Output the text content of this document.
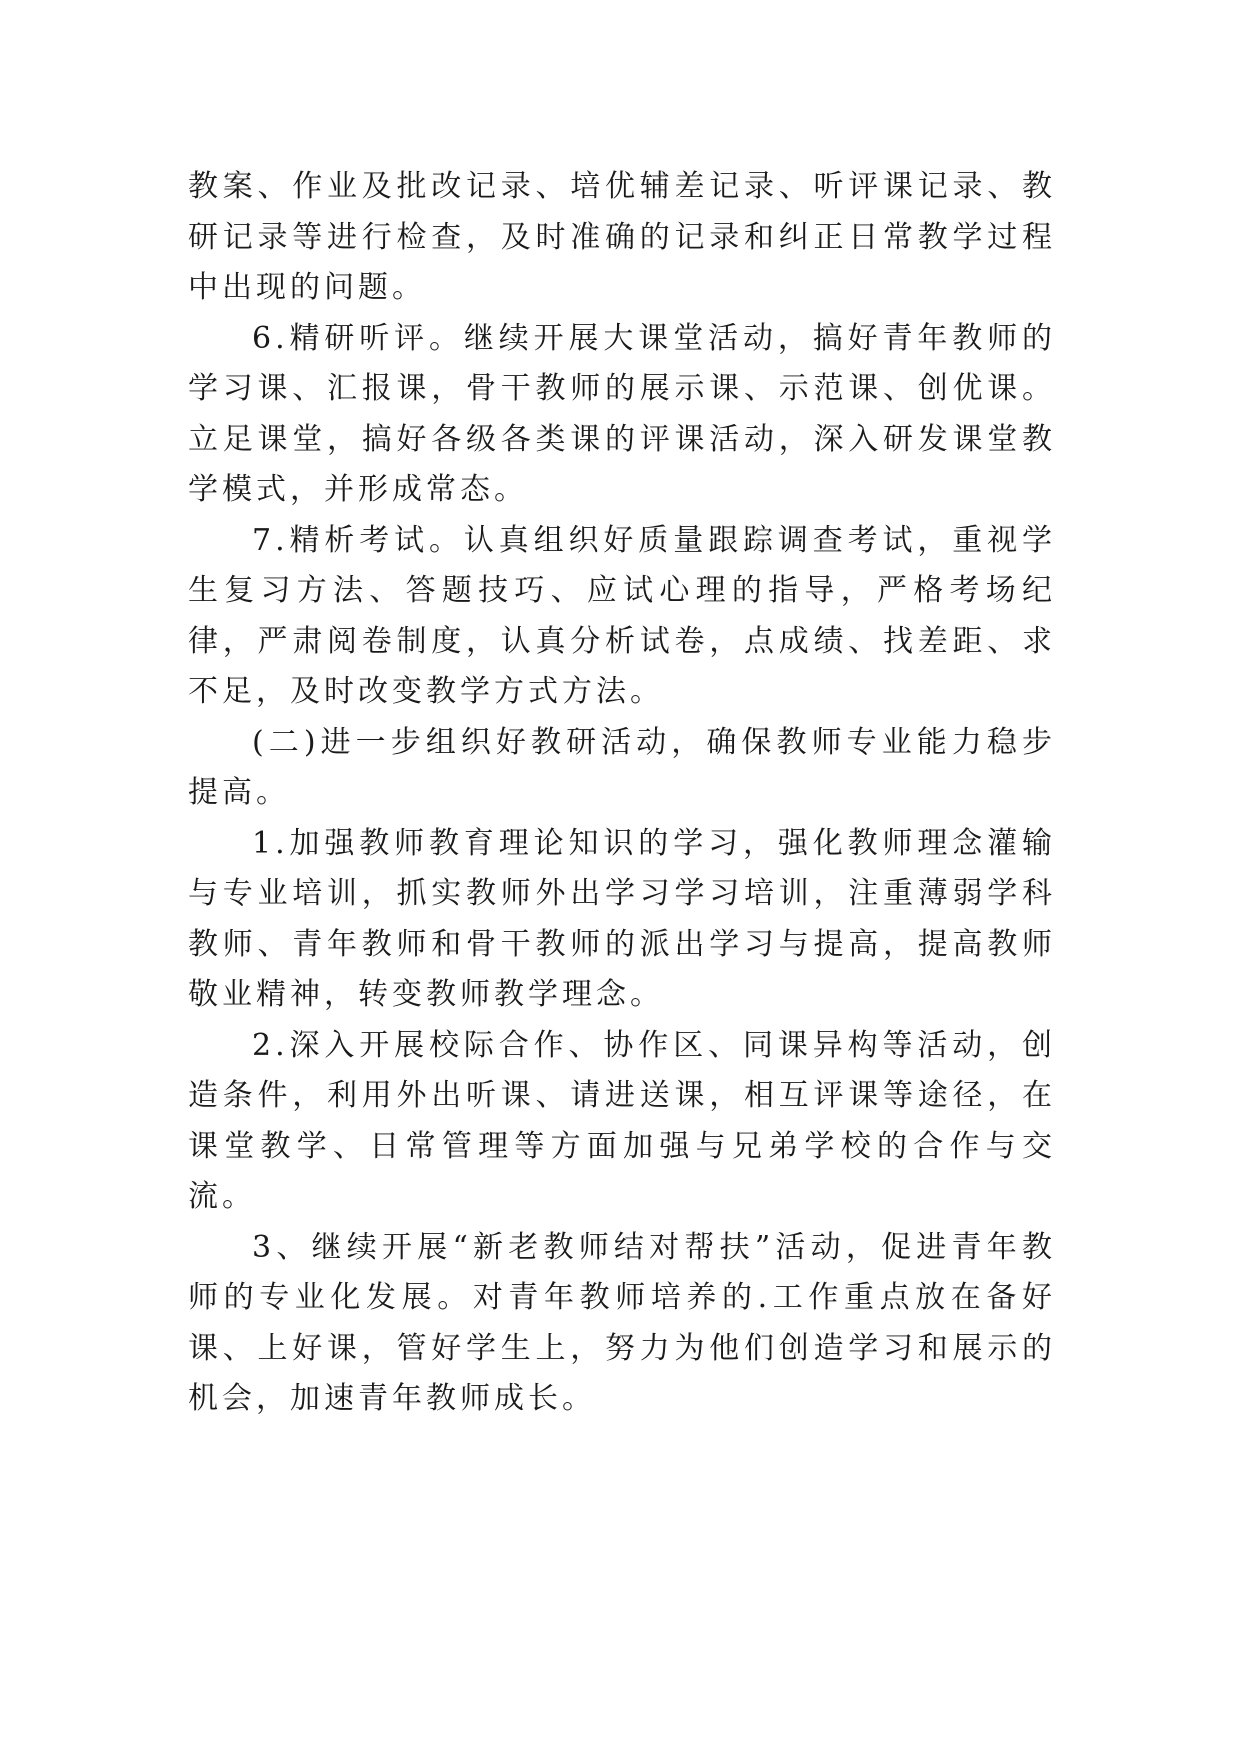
教案、作业及批改记录、培优辅差记录、听评课记录、教研记录等进行检查，及时准确的记录和纠正日常教学过程中出现的问题。

6.精研听评。继续开展大课堂活动，搞好青年教师的学习课、汇报课，骨干教师的展示课、示范课、创优课。立足课堂，搞好各级各类课的评课活动，深入研发课堂教学模式，并形成常态。

7.精析考试。认真组织好质量跟踪调查考试，重视学生复习方法、答题技巧、应试心理的指导，严格考场纪律，严肃阅卷制度，认真分析试卷，点成绩、找差距、求不足，及时改变教学方式方法。

(二)进一步组织好教研活动，确保教师专业能力稳步提高。

1.加强教师教育理论知识的学习，强化教师理念灌输与专业培训，抓实教师外出学习学习培训，注重薄弱学科教师、青年教师和骨干教师的派出学习与提高，提高教师敬业精神，转变教师教学理念。

2.深入开展校际合作、协作区、同课异构等活动，创造条件，利用外出听课、请进送课，相互评课等途径，在课堂教学、日常管理等方面加强与兄弟学校的合作与交流。

3、继续开展“新老教师结对帮扶”活动，促进青年教师的专业化发展。对青年教师培养的.工作重点放在备好课、上好课，管好学生上，努力为他们创造学习和展示的机会，加速青年教师成长。
